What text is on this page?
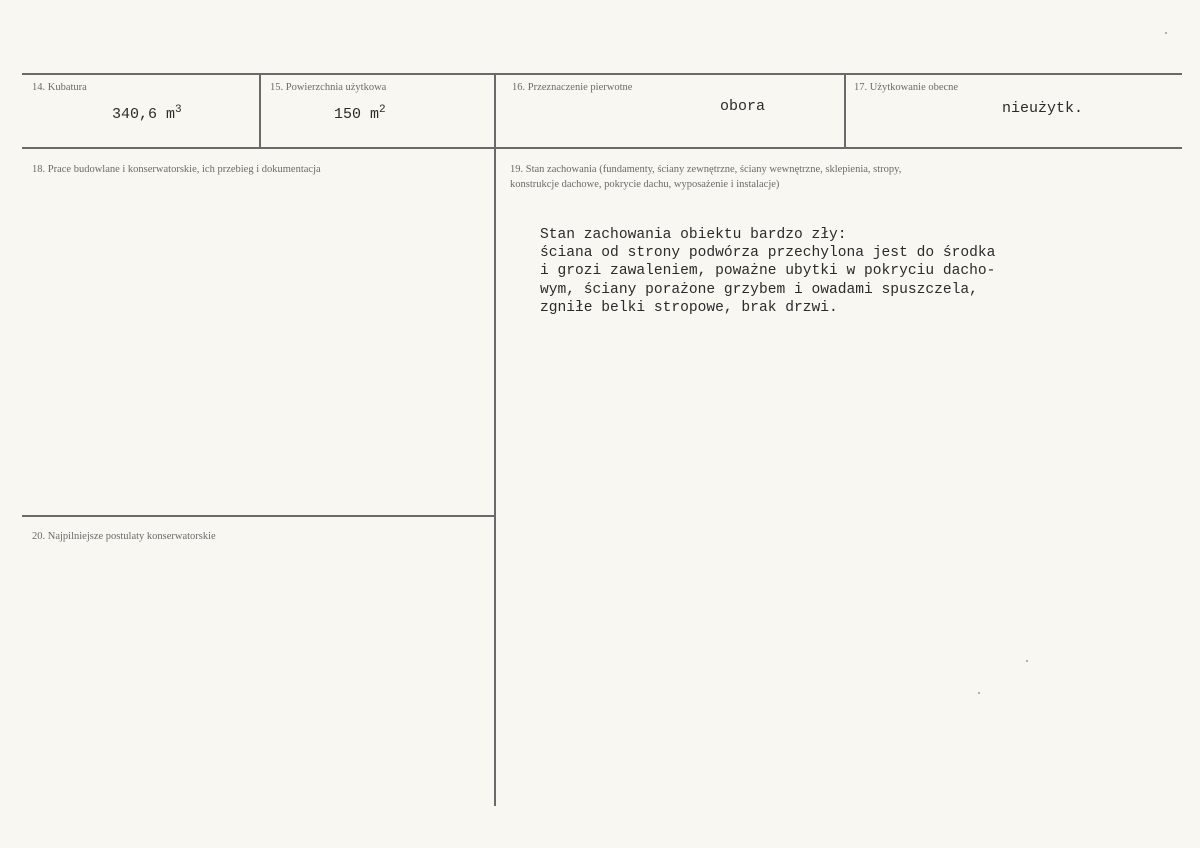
14. Kubatura
340,6 $m^3$
15. Powierzchnia użytkowa
150 $m^2$
16. Przeznaczenie pierwotne
obora
17. Użytkowanie obecne
nieużytk.
18. Prace budowlane i konserwatorskie, ich przebieg i dokumentacja	19. Stan zachowania (fundamenty, ściany zewnętrzne, ściany wewnętrzne, sklepienia, stropy,
konstrukcje dachowe, pokrycie dachu, wyposażenie i instalacje)
Stan zachowania obiektu bardzo zły:
ściana od strony podwórza przechylona jest do środka
i grozi zawaleniem, poważne ubytki w pokryciu dacho-
wym, ściany porażone grzybem i owadami spuszczela,
zgniłe belki stropowe, brak drzwi.
20. Najpilniejsze postulaty konserwatorskie
